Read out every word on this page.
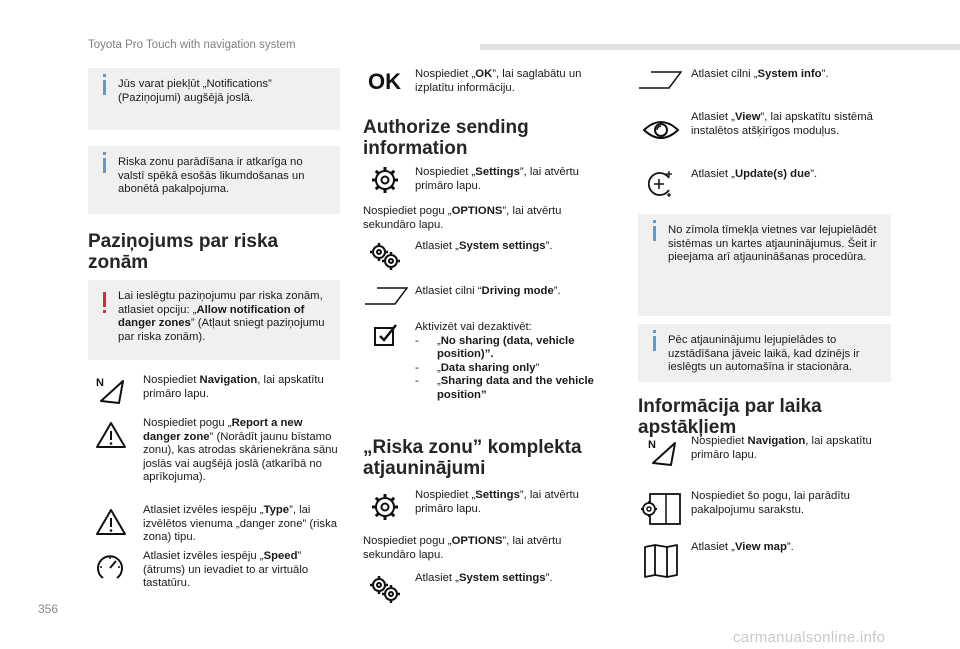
Toyota Pro Touch with navigation system
Jūs varat piekļūt „Notifications” (Paziņojumi) augšējā joslā.
Riska zonu parādīšana ir atkarīga no valstī spēkā esošās likumdošanas un abonētā pakalpojuma.
Paziņojums par riska zonām
Lai ieslēgtu paziņojumu par riska zonām, atlasiet opciju: „Allow notification of danger zones” (Atļaut sniegt paziņojumu par riska zonām).
N	Nospiediet Navigation, lai apskatītu primāro lapu.
Nospiediet pogu „Report a new danger zone” (Norādīt jaunu bīstamo zonu), kas atrodas skārienekrāna sānu joslās vai augšējā joslā (atkarībā no aprīkojuma).
Atlasiet izvēles iespēju „Type”, lai izvēlētos vienuma „danger zone” (riska zona) tipu.
Atlasiet izvēles iespēju „Speed” (ātrums) un ievadiet to ar virtuālo tastatūru.
OK Nospiediet „OK”, lai saglabātu un izplatītu informāciju.
Authorize sending information
Nospiediet „Settings”, lai atvērtu primāro lapu.
Nospiediet pogu „OPTIONS”, lai atvērtu sekundāro lapu.
Atlasiet „System settings”.
Atlasiet cilni “Driving mode”.
Aktivizēt vai dezaktivēt:
- „No sharing (data, vehicle position)”.
- „Data sharing only”
- „Sharing data and the vehicle position”
„Riska zonu” komplekta atjauninājumi
Nospiediet „Settings”, lai atvērtu primāro lapu.
Nospiediet pogu „OPTIONS”, lai atvērtu sekundāro lapu.
Atlasiet „System settings”.
Atlasiet cilni „System info”.
Atlasiet „View”, lai apskatītu sistēmā instalētos atšķirīgos moduļus.
Atlasiet „Update(s) due”.
No zīmola tīmekļa vietnes var lejupielādēt sistēmas un kartes atjauninājumus. Šeit ir pieejama arī atjaunināšanas procedūra.
Pēc atjauninājumu lejupielādes to uzstādīšana jāveic laikā, kad dzinējs ir ieslēgts un automašīna ir stacionāra.
Informācija par laika apstākļiem
N	Nospiediet Navigation, lai apskatītu primāro lapu.
Nospiediet šo pogu, lai parādītu pakalpojumu sarakstu.
Atlasiet „View map”.
356
carmanualsonline.info
